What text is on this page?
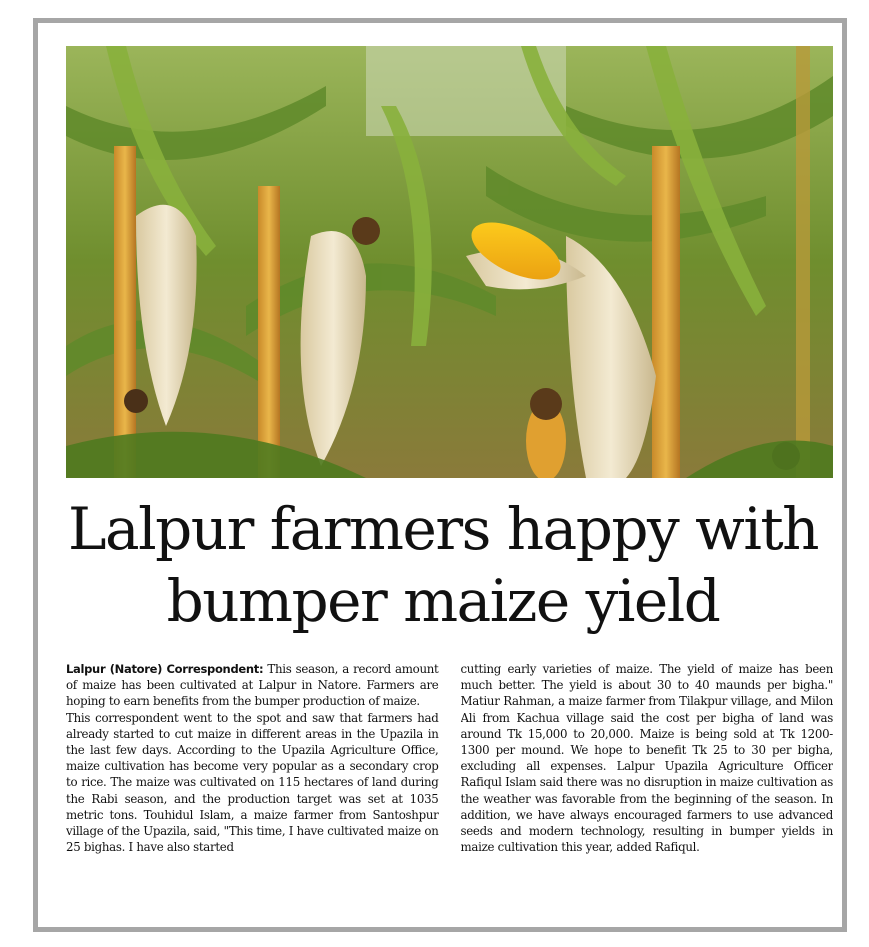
Lalpur farmers happy with bumper maize yield

Lalpur (Natore) Correspondent: This season, a record amount of maize has been cultivated at Lalpur in Natore. Farmers are hoping to earn benefits from the bumper production of maize.

This correspondent went to the spot and saw that farmers had already started to cut maize in different areas in the Upazila in the last few days. According to the Upazila Agriculture Office, maize cultivation has become very popular as a secondary crop to rice. The maize was cultivated on 115 hectares of land during the Rabi season, and the production target was set at 1035 metric tons. Touhidul Islam, a maize farmer from Santoshpur village of the Upazila, said, "This time, I have cultivated maize on 25 bighas. I have also started

cutting early varieties of maize. The yield of maize has been much better. The yield is about 30 to 40 maunds per bigha." Matiur Rahman, a maize farmer from Tilakpur village, and Milon Ali from Kachua village said the cost per bigha of land was around Tk 15,000 to 20,000. Maize is being sold at Tk 1200-1300 per mound. We hope to benefit Tk 25 to 30 per bigha, excluding all expenses. Lalpur Upazila Agriculture Officer Rafiqul Islam said there was no disruption in maize cultivation as the weather was favorable from the beginning of the season. In addition, we have always encouraged farmers to use advanced seeds and modern technology, resulting in bumper yields in maize cultivation this year, added Rafiqul.
